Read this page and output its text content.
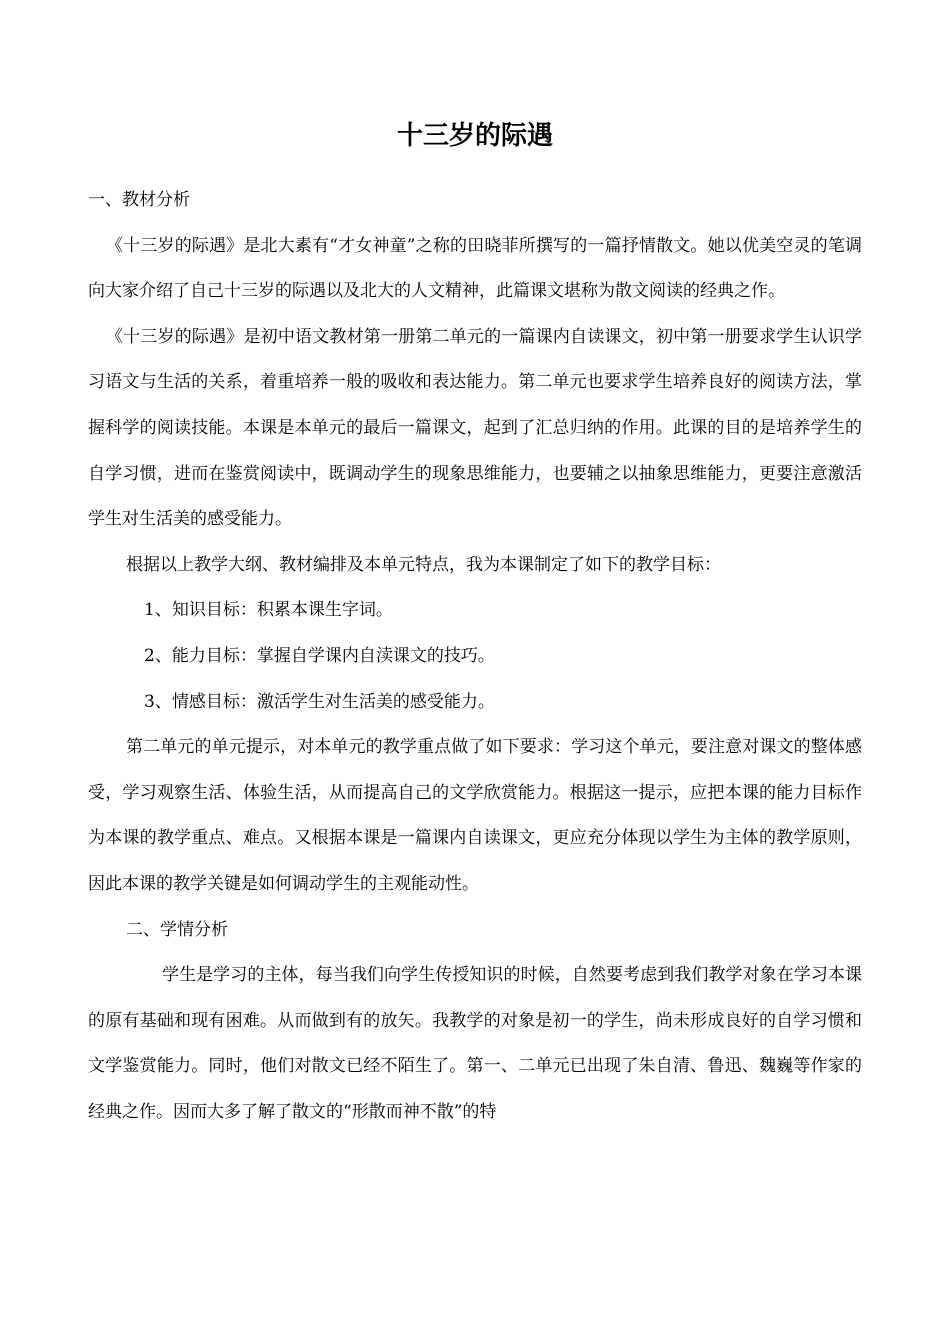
十三岁的际遇

一、教材分析

《十三岁的际遇》是北大素有“才女神童”之称的田晓菲所撰写的一篇抒情散文。她以优美空灵的笔调向大家介绍了自己十三岁的际遇以及北大的人文精神，此篇课文堪称为散文阅读的经典之作。

《十三岁的际遇》是初中语文教材第一册第二单元的一篇课内自读课文，初中第一册要求学生认识学习语文与生活的关系，着重培养一般的吸收和表达能力。第二单元也要求学生培养良好的阅读方法，掌握科学的阅读技能。本课是本单元的最后一篇课文，起到了汇总归纳的作用。此课的目的是培养学生的自学习惯，进而在鉴赏阅读中，既调动学生的现象思维能力，也要辅之以抽象思维能力，更要注意激活学生对生活美的感受能力。

根据以上教学大纲、教材编排及本单元特点，我为本课制定了如下的教学目标：

1、知识目标：积累本课生字词。

2、能力目标：掌握自学课内自渎课文的技巧。

3、情感目标：激活学生对生活美的感受能力。

第二单元的单元提示，对本单元的教学重点做了如下要求：学习这个单元，要注意对课文的整体感受，学习观察生活、体验生活，从而提高自己的文学欣赏能力。根据这一提示，应把本课的能力目标作为本课的教学重点、难点。又根据本课是一篇课内自读课文，更应充分体现以学生为主体的教学原则，因此本课的教学关键是如何调动学生的主观能动性。

二、学情分析

学生是学习的主体，每当我们向学生传授知识的时候，自然要考虑到我们教学对象在学习本课的原有基础和现有困难。从而做到有的放矢。我教学的对象是初一的学生，尚未形成良好的自学习惯和文学鉴赏能力。同时，他们对散文已经不陌生了。第一、二单元已出现了朱自清、鲁迅、魏巍等作家的经典之作。因而大多了解了散文的“形散而神不散”的特
